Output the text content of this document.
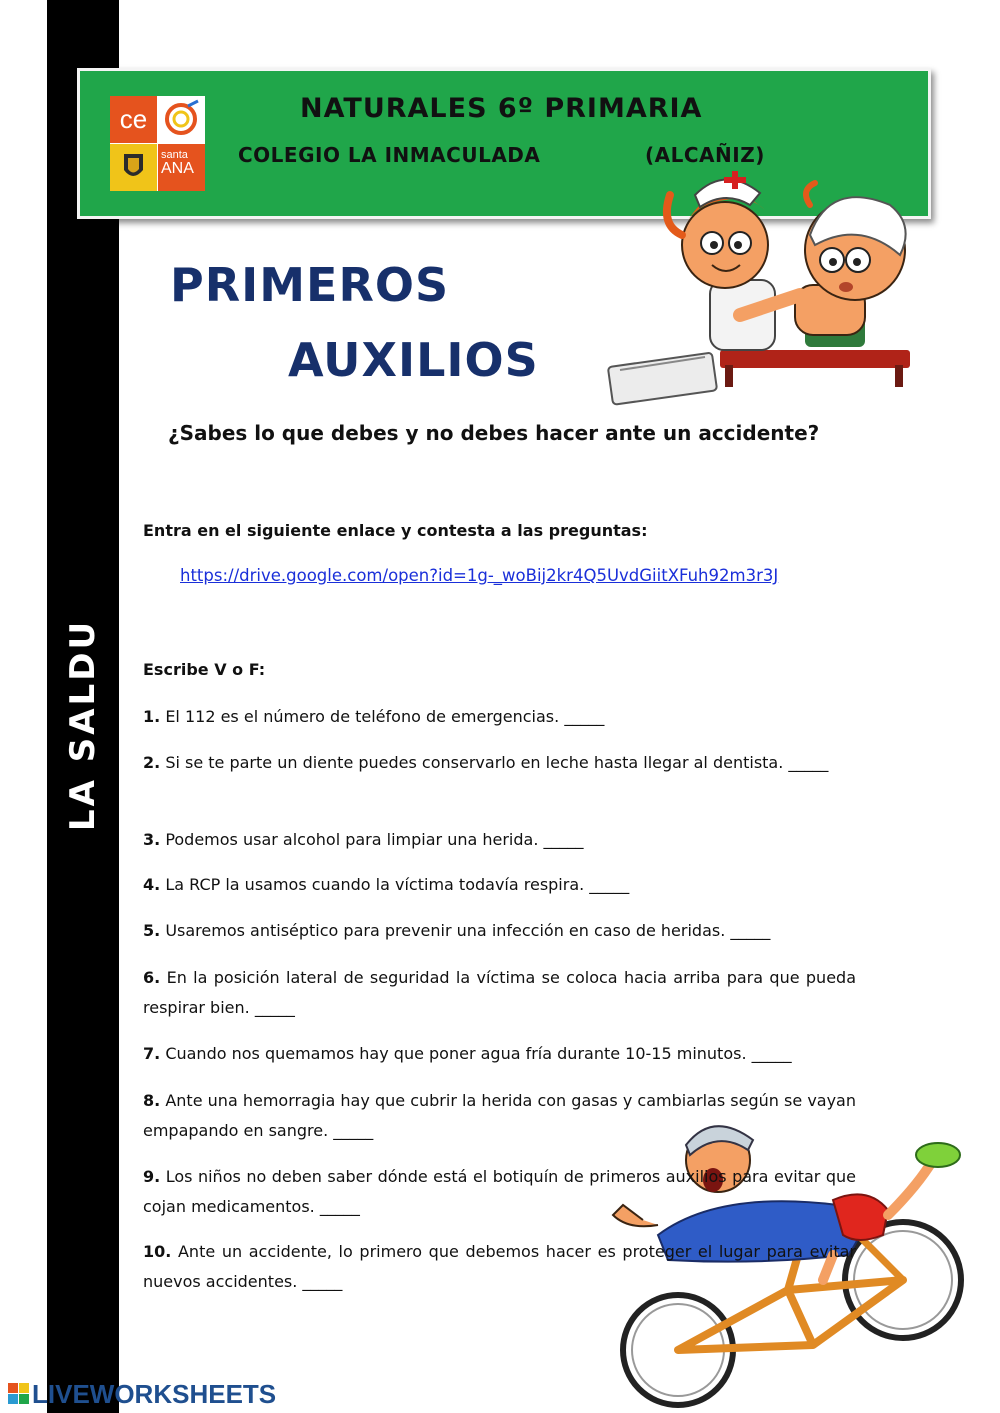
LA SALDU
ce
santa
ANA
NATURALES 6º PRIMARIA
COLEGIO LA INMACULADA	(ALCAÑIZ)
PRIMEROS
AUXILIOS
¿Sabes lo que debes y no debes hacer ante un accidente?
Entra en el siguiente enlace y contesta a las preguntas:
https://drive.google.com/open?id=1g-_woBij2kr4Q5UvdGiitXFuh92m3r3J
Escribe V o F:
1. El 112 es el número de teléfono de emergencias. _____
2. Si se te parte un diente puedes conservarlo en leche hasta llegar al dentista. _____
3. Podemos usar alcohol para limpiar una herida. _____
4. La RCP la usamos cuando la víctima todavía respira. _____
5. Usaremos antiséptico para prevenir una infección en caso de heridas. _____
6. En la posición lateral de seguridad la víctima se coloca hacia arriba para que pueda respirar bien. _____
7. Cuando nos quemamos hay que poner agua fría durante 10-15 minutos. _____
8. Ante una hemorragia hay que cubrir la herida con gasas y cambiarlas según se vayan empapando en sangre. _____
9. Los niños no deben saber dónde está el botiquín de primeros auxilios para evitar que cojan medicamentos. _____
10. Ante un accidente, lo primero que debemos hacer es proteger el lugar para evitar nuevos accidentes. _____
LIVEWORKSHEETS
